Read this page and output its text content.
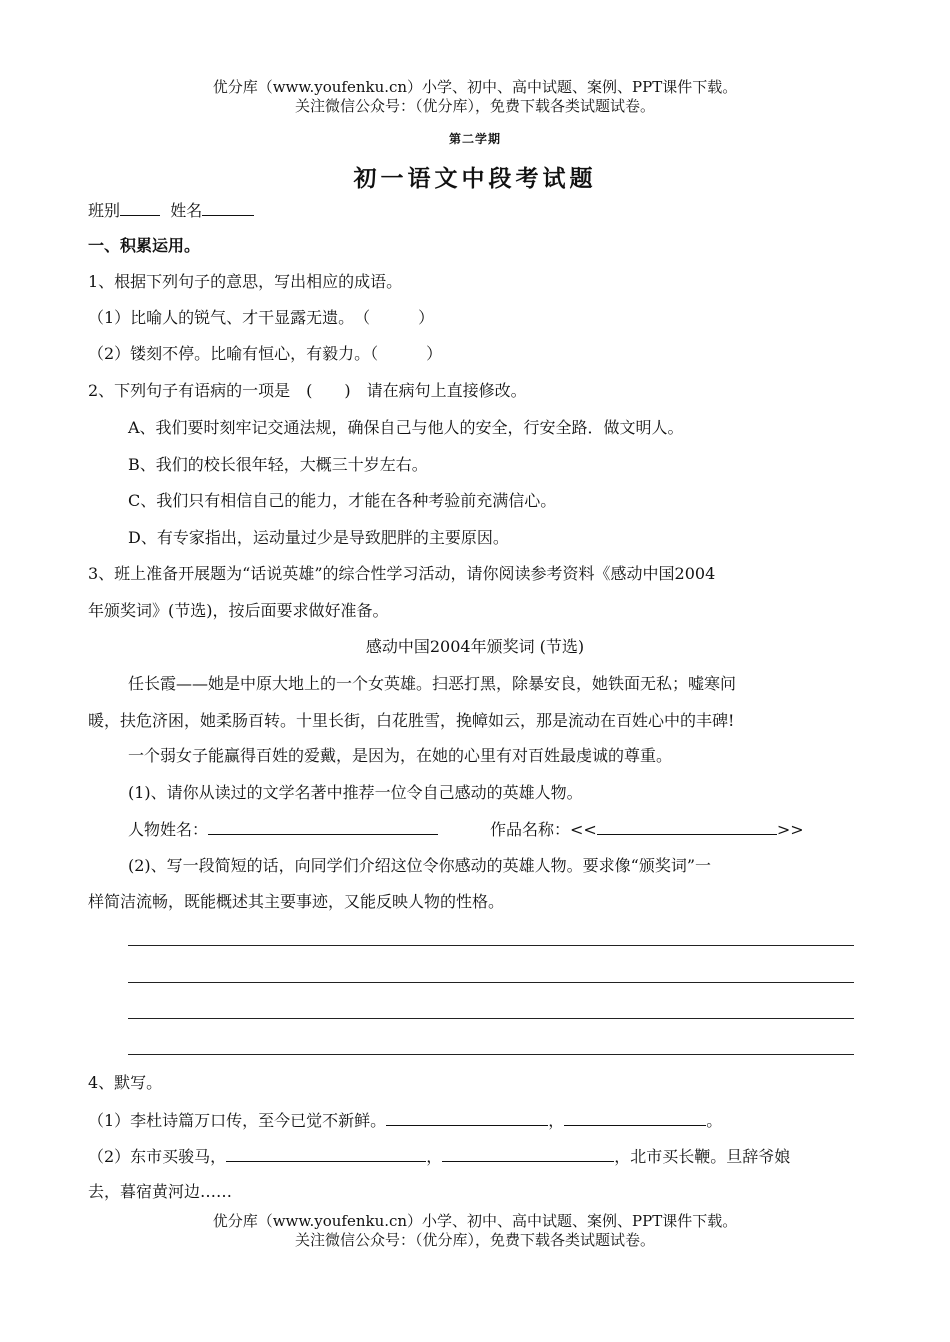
优分库（www.youfenku.cn）小学、初中、高中试题、案例、PPT课件下载。
关注微信公众号：（优分库），免费下载各类试题试卷。
第二学期
初一语文中段考试题
班别	姓名
一、积累运用。
1、根据下列句子的意思，写出相应的成语。
（1）比喻人的锐气、才干显露无遗。　（　　　）
（2）镂刻不停。比喻有恒心，有毅力。（　　　）
2、下列句子有语病的一项是　(　　)　请在病句上直接修改。
A、我们要时刻牢记交通法规，确保自己与他人的安全，行安全路．做文明人。
B、我们的校长很年轻，大概三十岁左右。
C、我们只有相信自己的能力，才能在各种考验前充满信心。
D、有专家指出，运动量过少是导致肥胖的主要原因。
3、班上准备开展题为“话说英雄”的综合性学习活动，请你阅读参考资料《感动中国2004
年颁奖词》(节选)，按后面要求做好准备。
感动中国2004年颁奖词 (节选)
任长霞——她是中原大地上的一个女英雄。扫恶打黑，除暴安良，她铁面无私；嘘寒问
暖，扶危济困，她柔肠百转。十里长街，白花胜雪，挽幛如云，那是流动在百姓心中的丰碑!
一个弱女子能赢得百姓的爱戴，是因为，在她的心里有对百姓最虔诚的尊重。
(1)、请你从读过的文学名著中推荐一位令自己感动的英雄人物。
人物姓名：	作品名称：<<	>>
(2)、写一段简短的话，向同学们介绍这位令你感动的英雄人物。要求像“颁奖词”一
样简洁流畅，既能概述其主要事迹，又能反映人物的性格。
4、默写。
（1）李杜诗篇万口传，至今已觉不新鲜。	，	。
（2）东市买骏马，	，	，北市买长鞭。旦辞爷娘
去，暮宿黄河边……
优分库（www.youfenku.cn）小学、初中、高中试题、案例、PPT课件下载。
关注微信公众号：（优分库），免费下载各类试题试卷。
